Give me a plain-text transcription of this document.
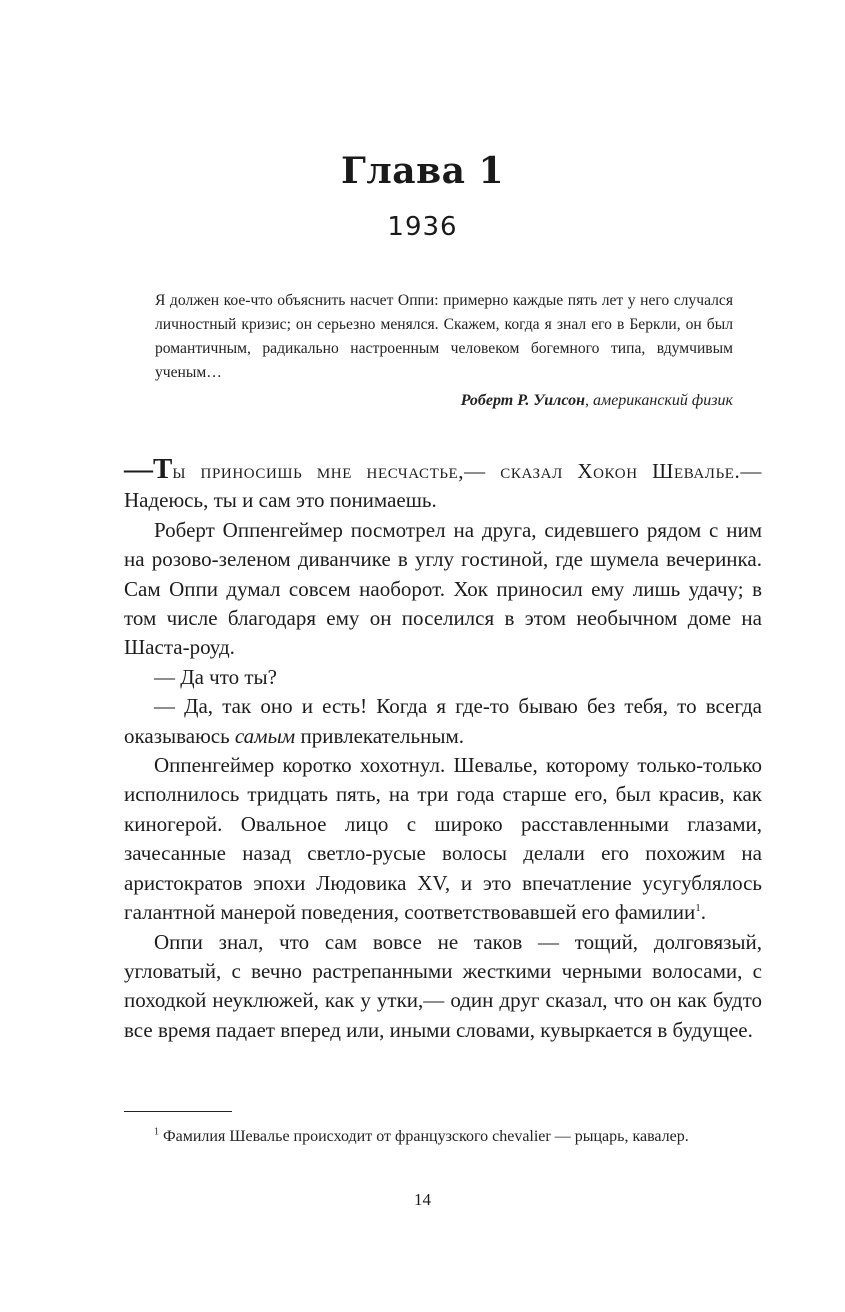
Глава 1
1936

Я должен кое-что объяснить насчет Оппи: примерно каждые пять лет у него случался личностный кризис; он серьезно менялся. Скажем, когда я знал его в Беркли, он был романтичным, радикально настроенным человеком богемного типа, вдумчивым ученым…

Роберт Р. Уилсон, американский физик

—Ты приносишь мне несчастье,— сказал Хокон Шевалье.— Надеюсь, ты и сам это понимаешь.

Роберт Оппенгеймер посмотрел на друга, сидевшего рядом с ним на розово-зеленом диванчике в углу гостиной, где шумела вечеринка. Сам Оппи думал совсем наоборот. Хок приносил ему лишь удачу; в том числе благодаря ему он поселился в этом необычном доме на Шаста-роуд.

— Да что ты?

— Да, так оно и есть! Когда я где-то бываю без тебя, то всегда оказываюсь самым привлекательным.

Оппенгеймер коротко хохотнул. Шевалье, которому только-только исполнилось тридцать пять, на три года старше его, был красив, как киногерой. Овальное лицо с широко расставленными глазами, зачесанные назад светло-русые волосы делали его похожим на аристократов эпохи Людовика XV, и это впечатление усугублялось галантной манерой поведения, соответствовавшей его фамилии$^1$.

Оппи знал, что сам вовсе не таков — тощий, долговязый, угловатый, с вечно растрепанными жесткими черными волосами, с походкой неуклюжей, как у утки,— один друг сказал, что он как будто все время падает вперед или, иными словами, кувыркается в будущее.

$^1$ Фамилия Шевалье происходит от французского chevalier — рыцарь, кавалер.

14
